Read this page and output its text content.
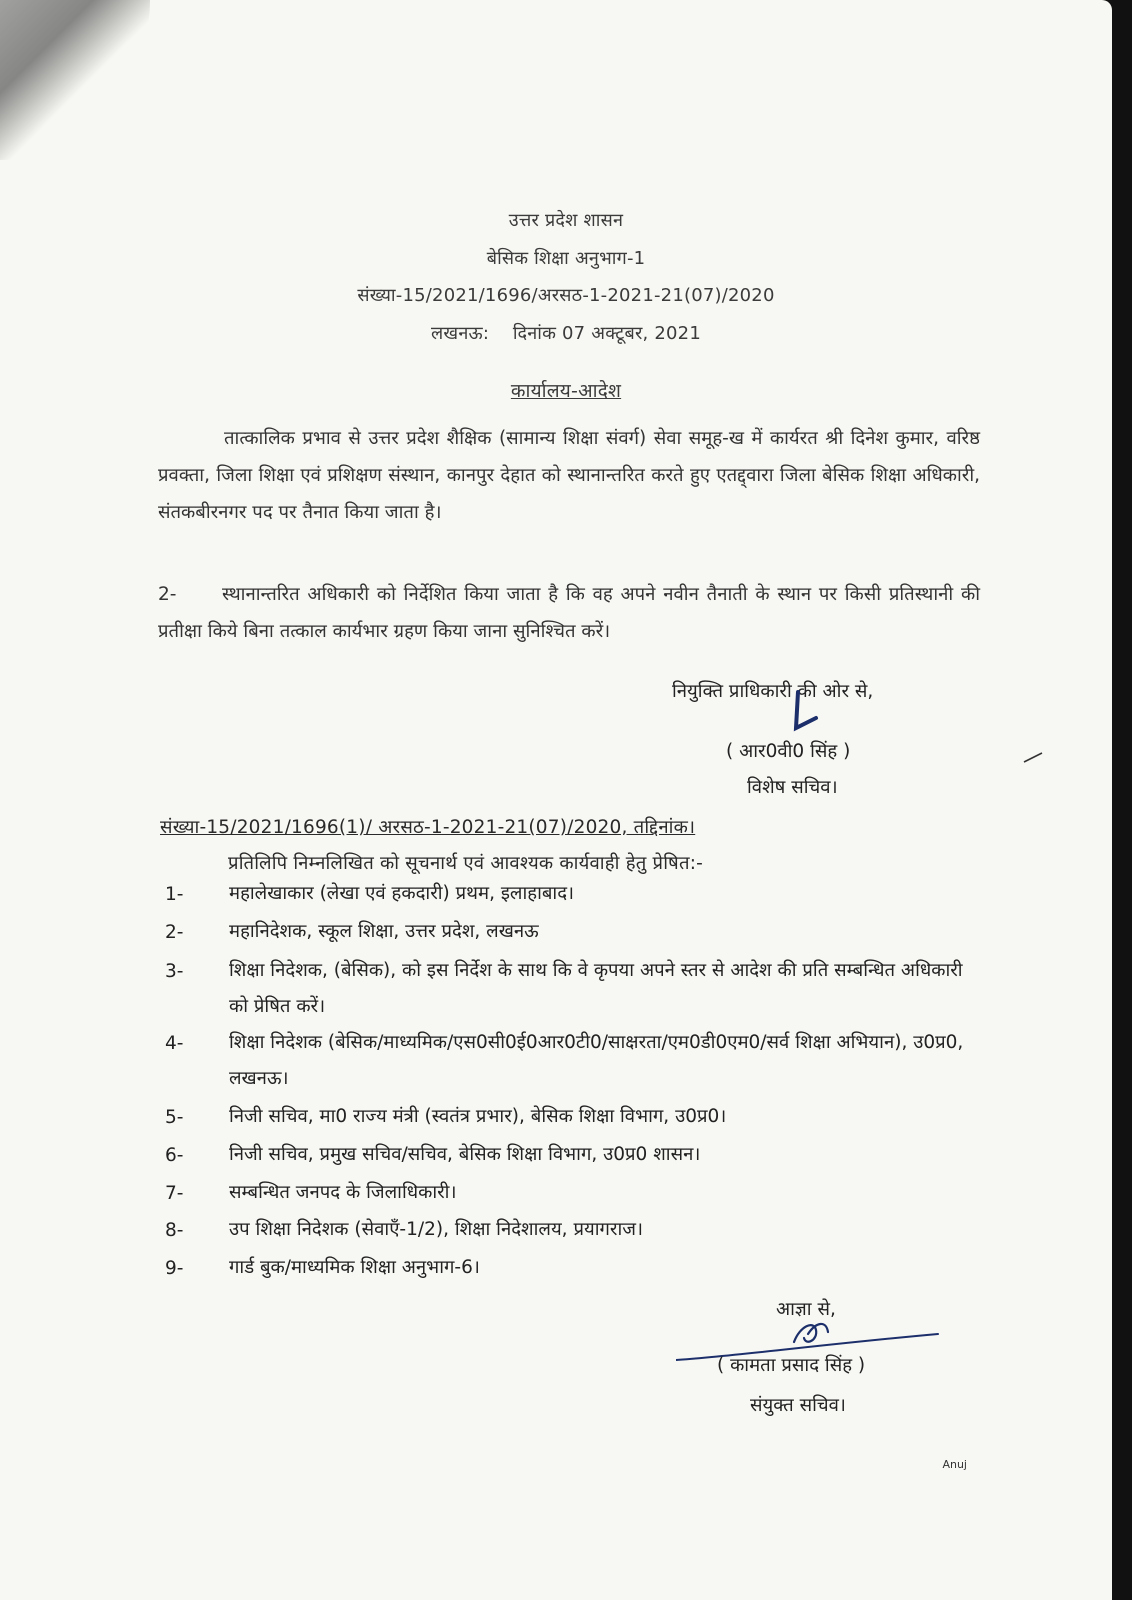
उत्तर प्रदेश शासन
बेसिक शिक्षा अनुभाग-1
संख्या-15/2021/1696/अरसठ-1-2021-21(07)/2020
लखनऊ: दिनांक 07 अक्टूबर, 2021
कार्यालय-आदेश
तात्कालिक प्रभाव से उत्तर प्रदेश शैक्षिक (सामान्य शिक्षा संवर्ग) सेवा समूह-ख में कार्यरत श्री दिनेश कुमार, वरिष्ठ प्रवक्ता, जिला शिक्षा एवं प्रशिक्षण संस्थान, कानपुर देहात को स्थानान्तरित करते हुए एतद्द्वारा जिला बेसिक शिक्षा अधिकारी, संतकबीरनगर पद पर तैनात किया जाता है।
2- स्थानान्तरित अधिकारी को निर्देशित किया जाता है कि वह अपने नवीन तैनाती के स्थान पर किसी प्रतिस्थानी की प्रतीक्षा किये बिना तत्काल कार्यभार ग्रहण किया जाना सुनिश्चित करें।
नियुक्ति प्राधिकारी की ओर से,
( आर0वी0 सिंह )
विशेष सचिव।
संख्या-15/2021/1696(1)/ अरसठ-1-2021-21(07)/2020, तद्दिनांक।
प्रतिलिपि निम्नलिखित को सूचनार्थ एवं आवश्यक कार्यवाही हेतु प्रेषित:-
1-	महालेखाकार (लेखा एवं हकदारी) प्रथम, इलाहाबाद।
2-	महानिदेशक, स्कूल शिक्षा, उत्तर प्रदेश, लखनऊ
3-	शिक्षा निदेशक, (बेसिक), को इस निर्देश के साथ कि वे कृपया अपने स्तर से आदेश की प्रति सम्बन्धित अधिकारी को प्रेषित करें।
4-	शिक्षा निदेशक (बेसिक/माध्यमिक/एस0सी0ई0आर0टी0/साक्षरता/एम0डी0एम0/सर्व शिक्षा अभियान), उ0प्र0, लखनऊ।
5-	निजी सचिव, मा0 राज्य मंत्री (स्वतंत्र प्रभार), बेसिक शिक्षा विभाग, उ0प्र0।
6-	निजी सचिव, प्रमुख सचिव/सचिव, बेसिक शिक्षा विभाग, उ0प्र0 शासन।
7-	सम्बन्धित जनपद के जिलाधिकारी।
8-	उप शिक्षा निदेशक (सेवाएँ-1/2), शिक्षा निदेशालय, प्रयागराज।
9-	गार्ड बुक/माध्यमिक शिक्षा अनुभाग-6।
आज्ञा से,
( कामता प्रसाद सिंह )
संयुक्त सचिव।
Anuj
